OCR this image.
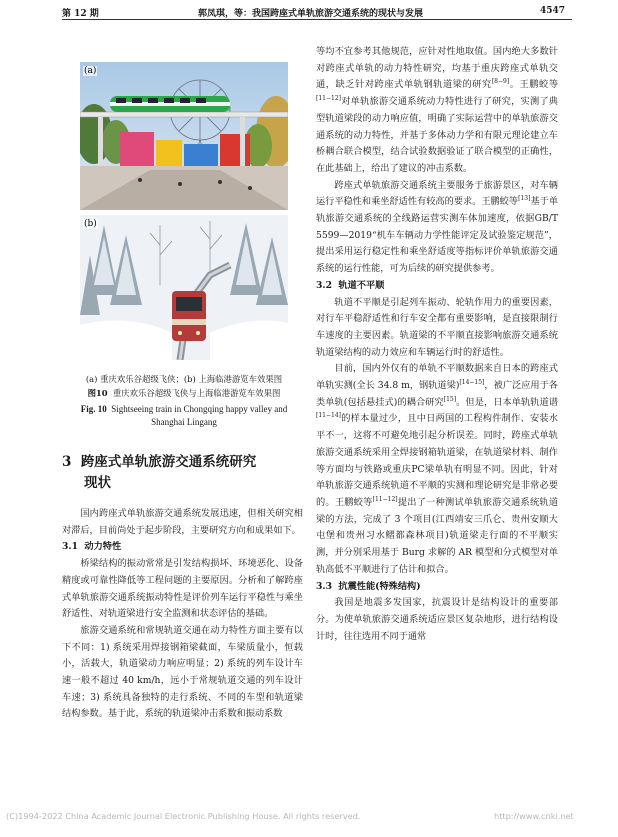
第 12 期	郭凤琪，等：我国跨座式单轨旅游交通系统的现状与发展	4547
(a)
(b)
(a) 重庆欢乐谷超级飞侠；(b) 上海临港游览车效果图
图10 重庆欢乐谷超级飞侠与上海临港游览车效果图
Fig. 10 Sightseeing train in Chongqing happy valley and
Shanghai Lingang
3 跨座式单轨旅游交通系统研究
现状

国内跨座式单轨旅游交通系统发展迅速，但相关研究相对滞后，目前尚处于起步阶段，主要研究方向和成果如下。

3.1 动力特性

桥梁结构的振动常常是引发结构损坏、环境恶化、设备精度或可靠性降低等工程问题的主要原因。分析和了解跨座式单轨旅游交通系统振动特性是评价列车运行平稳性与乘坐舒适性、对轨道梁进行安全监测和状态评估的基础。

旅游交通系统和常规轨道交通在动力特性方面主要有以下不同：1) 系统采用焊接钢箱梁截面，车梁质量小，恒载小，活载大，轨道梁动力响应明显；2) 系统的列车设计车速一般不超过 40 km/h，远小于常规轨道交通的列车设计车速；3) 系统具备独特的走行系统、不同的车型和轨道梁结构参数。基于此，系统的轨道梁冲击系数和振动系数

等均不宜参考其他规范，应针对性地取值。国内绝大多数针对跨座式单轨的动力特性研究，均基于重庆跨座式单轨交通，缺乏针对跨座式单轨钢轨道梁的研究[8−9]。王鹏蛟等[11−12]对单轨旅游交通系统动力特性进行了研究，实测了典型轨道梁段的动力响应值，明确了实际运营中的单轨旅游交通系统的动力特性，并基于多体动力学和有限元理论建立车桥耦合联合模型，结合试验数据验证了联合模型的正确性，在此基础上，给出了建议的冲击系数。

跨座式单轨旅游交通系统主要服务于旅游景区，对车辆运行平稳性和乘坐舒适性有较高的要求。王鹏蛟等[13]基于单轨旅游交通系统的全线路运营实测车体加速度，依据GB/T 5599—2019“机车车辆动力学性能评定及试验鉴定规范”，提出采用运行稳定性和乘坐舒适度等指标评价单轨旅游交通系统的运行性能，可为后续的研究提供参考。

3.2 轨道不平顺

轨道不平顺是引起列车振动、轮轨作用力的重要因素，对行车平稳舒适性和行车安全都有重要影响，是直接限制行车速度的主要因素。轨道梁的不平顺直接影响旅游交通系统轨道梁结构的动力效应和车辆运行时的舒适性。

目前，国内外仅有的单轨不平顺数据来自日本的跨座式单轨实测(全长 34.8 m，钢轨道梁)[14−15]，被广泛应用于各类单轨(包括悬挂式)的耦合研究[15]。但是，日本单轨轨道谱[11−14]的样本量过少，且中日两国的工程构件制作、安装水平不一，这将不可避免地引起分析误差。同时，跨座式单轨旅游交通系统采用全焊接钢箱轨道梁，在轨道梁材料、制作等方面均与铁路或重庆PC梁单轨有明显不同。因此，针对单轨旅游交通系统轨道不平顺的实测和理论研究是非常必要的。王鹏蛟等[11−12]提出了一种测试单轨旅游交通系统轨道梁的方法，完成了 3 个项目(江西靖安三爪仑、贵州安顺大屯堡和贵州习水鳛都森林项目)轨道梁走行面的不平顺实测，并分别采用基于 Burg 求解的 AR 模型和分式模型对单轨高低不平顺进行了估计和拟合。

3.3 抗震性能(特殊结构)

我国是地震多发国家，抗震设计是结构设计的重要部分。为使单轨旅游交通系统适应景区复杂地形，进行结构设计时，往往选用不同于通常

(C)1994-2022 China Academic Journal Electronic Publishing House. All rights reserved.	http://www.cnki.net
